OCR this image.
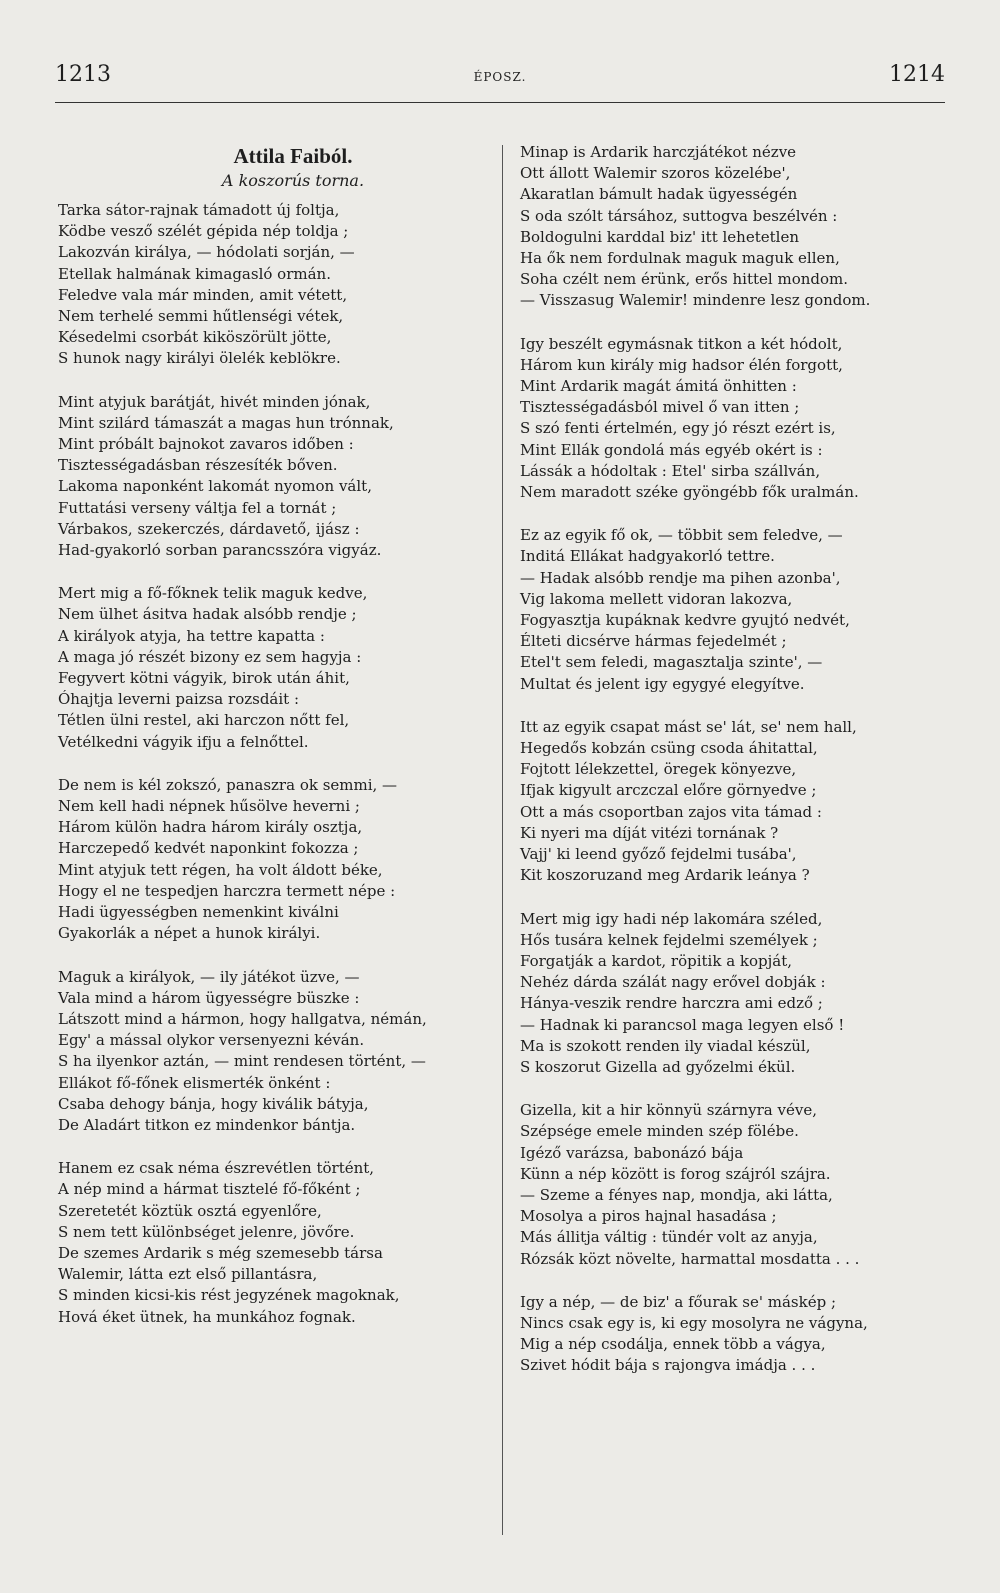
1213	ÉPOSZ.	1214
Attila Faiból.
A koszorús torna.
Tarka sátor-rajnak támadott új foltja,
Ködbe vesző szélét gépida nép toldja ;
Lakozván királya, — hódolati sorján, —
Etellak halmának kimagasló ormán.
Feledve vala már minden, amit vétett,
Nem terhelé semmi hűtlenségi vétek,
Késedelmi csorbát kiköszörült jötte,
S hunok nagy királyi ölelék keblökre.
Mint atyjuk barátját, hivét minden jónak,
Mint szilárd támaszát a magas hun trónnak,
Mint próbált bajnokot zavaros időben :
Tisztességadásban részesíték bőven.
Lakoma naponként lakomát nyomon vált,
Futtatási verseny váltja fel a tornát ;
Várbakos, szekerczés, dárdavető, ijász :
Had-gyakorló sorban parancsszóra vigyáz.
Mert mig a fő-főknek telik maguk kedve,
Nem ülhet ásitva hadak alsóbb rendje ;
A királyok atyja, ha tettre kapatta :
A maga jó részét bizony ez sem hagyja :
Fegyvert kötni vágyik, birok után áhit,
Óhajtja leverni paizsa rozsdáit :
Tétlen ülni restel, aki harczon nőtt fel,
Vetélkedni vágyik ifju a felnőttel.
De nem is kél zokszó, panaszra ok semmi, —
Nem kell hadi népnek hűsölve heverni ;
Három külön hadra három király osztja,
Harczepedő kedvét naponkint fokozza ;
Mint atyjuk tett régen, ha volt áldott béke,
Hogy el ne tespedjen harczra termett népe :
Hadi ügyességben nemenkint kiválni
Gyakorlák a népet a hunok királyi.
Maguk a királyok, — ily játékot üzve, —
Vala mind a három ügyességre büszke :
Látszott mind a hármon, hogy hallgatva, némán,
Egy' a mással olykor versenyezni kéván.
S ha ilyenkor aztán, — mint rendesen történt, —
Ellákot fő-főnek elismerték önként :
Csaba dehogy bánja, hogy kiválik bátyja,
De Aladárt titkon ez mindenkor bántja.
Hanem ez csak néma észrevétlen történt,
A nép mind a hármat tisztelé fő-főként ;
Szeretetét köztük osztá egyenlőre,
S nem tett különbséget jelenre, jövőre.
De szemes Ardarik s még szemesebb társa
Walemir, látta ezt első pillantásra,
S minden kicsi-kis rést jegyzének magoknak,
Hová éket ütnek, ha munkához fognak.
Minap is Ardarik harczjátékot nézve
Ott állott Walemir szoros közelébe',
Akaratlan bámult hadak ügyességén
S oda szólt társához, suttogva beszélvén :
Boldogulni karddal biz' itt lehetetlen
Ha ők nem fordulnak maguk maguk ellen,
Soha czélt nem érünk, erős hittel mondom.
— Visszasug Walemir! mindenre lesz gondom.
Igy beszélt egymásnak titkon a két hódolt,
Három kun király mig hadsor élén forgott,
Mint Ardarik magát ámitá önhitten :
Tisztességadásból mivel ő van itten ;
S szó fenti értelmén, egy jó részt ezért is,
Mint Ellák gondolá más egyéb okért is :
Lássák a hódoltak : Etel' sirba szállván,
Nem maradott széke gyöngébb fők uralmán.
Ez az egyik fő ok, — többit sem feledve, —
Inditá Ellákat hadgyakorló tettre.
— Hadak alsóbb rendje ma pihen azonba',
Vig lakoma mellett vidoran lakozva,
Fogyasztja kupáknak kedvre gyujtó nedvét,
Élteti dicsérve hármas fejedelmét ;
Etel't sem feledi, magasztalja szinte', —
Multat és jelent igy egygyé elegyítve.
Itt az egyik csapat mást se' lát, se' nem hall,
Hegedős kobzán csüng csoda áhitattal,
Fojtott lélekzettel, öregek könyezve,
Ifjak kigyult arczczal előre görnyedve ;
Ott a más csoportban zajos vita támad :
Ki nyeri ma díját vitézi tornának ?
Vajj' ki leend győző fejdelmi tusába',
Kit koszoruzand meg Ardarik leánya ?
Mert mig igy hadi nép lakomára széled,
Hős tusára kelnek fejdelmi személyek ;
Forgatják a kardot, röpitik a kopját,
Nehéz dárda szálát nagy erővel dobják :
Hánya-veszik rendre harczra ami edző ;
— Hadnak ki parancsol maga legyen első !
Ma is szokott renden ily viadal készül,
S koszorut Gizella ad győzelmi ékül.
Gizella, kit a hir könnyü szárnyra véve,
Szépsége emele minden szép fölébe.
Igéző varázsa, babonázó bája
Künn a nép között is forog szájról szájra.
— Szeme a fényes nap, mondja, aki látta,
Mosolya a piros hajnal hasadása ;
Más állitja váltig : tündér volt az anyja,
Rózsák közt növelte, harmattal mosdatta . . .
Igy a nép, — de biz' a főurak se' máskép ;
Nincs csak egy is, ki egy mosolyra ne vágyna,
Mig a nép csodálja, ennek több a vágya,
Szivet hódit bája s rajongva imádja . . .
